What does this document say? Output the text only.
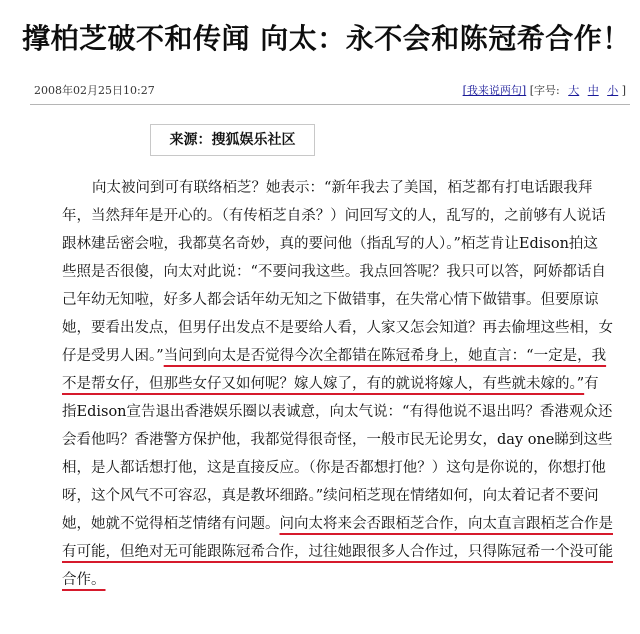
撑柏芝破不和传闻 向太：永不会和陈冠希合作！
2008年02月25日10:27	[我来说两句] [字号: 大 中 小 ]
来源：搜狐娱乐社区
向太被问到可有联络栢芝？她表示：“新年我去了美国，栢芝都有打电话跟我拜
年，当然拜年是开心的。（有传栢芝自杀？）问回写文的人，乱写的，之前够有人说话
跟林建岳密会啦，我都莫名奇妙，真的要问他（指乱写的人）。”栢芝肯让Edison拍这
些照是否很傻，向太对此说：“不要问我这些。我点回答呢？我只可以答，阿娇都话自
己年幼无知啦，好多人都会话年幼无知之下做错事，在失常心情下做错事。但要原谅
她，要看出发点，但男仔出发点不是要给人看，人家又怎会知道？再去偷埋这些相，女
仔是受男人困。”当问到向太是否觉得今次全都错在陈冠希身上，她直言：“一定是，我
不是帮女仔，但那些女仔又如何呢？嫁人嫁了，有的就说将嫁人，有些就未嫁的。”有
指Edison宣告退出香港娱乐圈以表诚意，向太气说：“有得他说不退出吗？香港观众还
会看他吗？香港警方保护他，我都觉得很奇怪，一般市民无论男女，day one睇到这些
相，是人都话想打他，这是直接反应。（你是否都想打他？）这句是你说的，你想打他
呀，这个风气不可容忍，真是教坏细路。”续问栢芝现在情绪如何，向太着记者不要问
她，她就不觉得栢芝情绪有问题。问向太将来会否跟栢芝合作，向太直言跟栢芝合作是
有可能，但绝对无可能跟陈冠希合作，过往她跟很多人合作过，只得陈冠希一个没可能
合作。
